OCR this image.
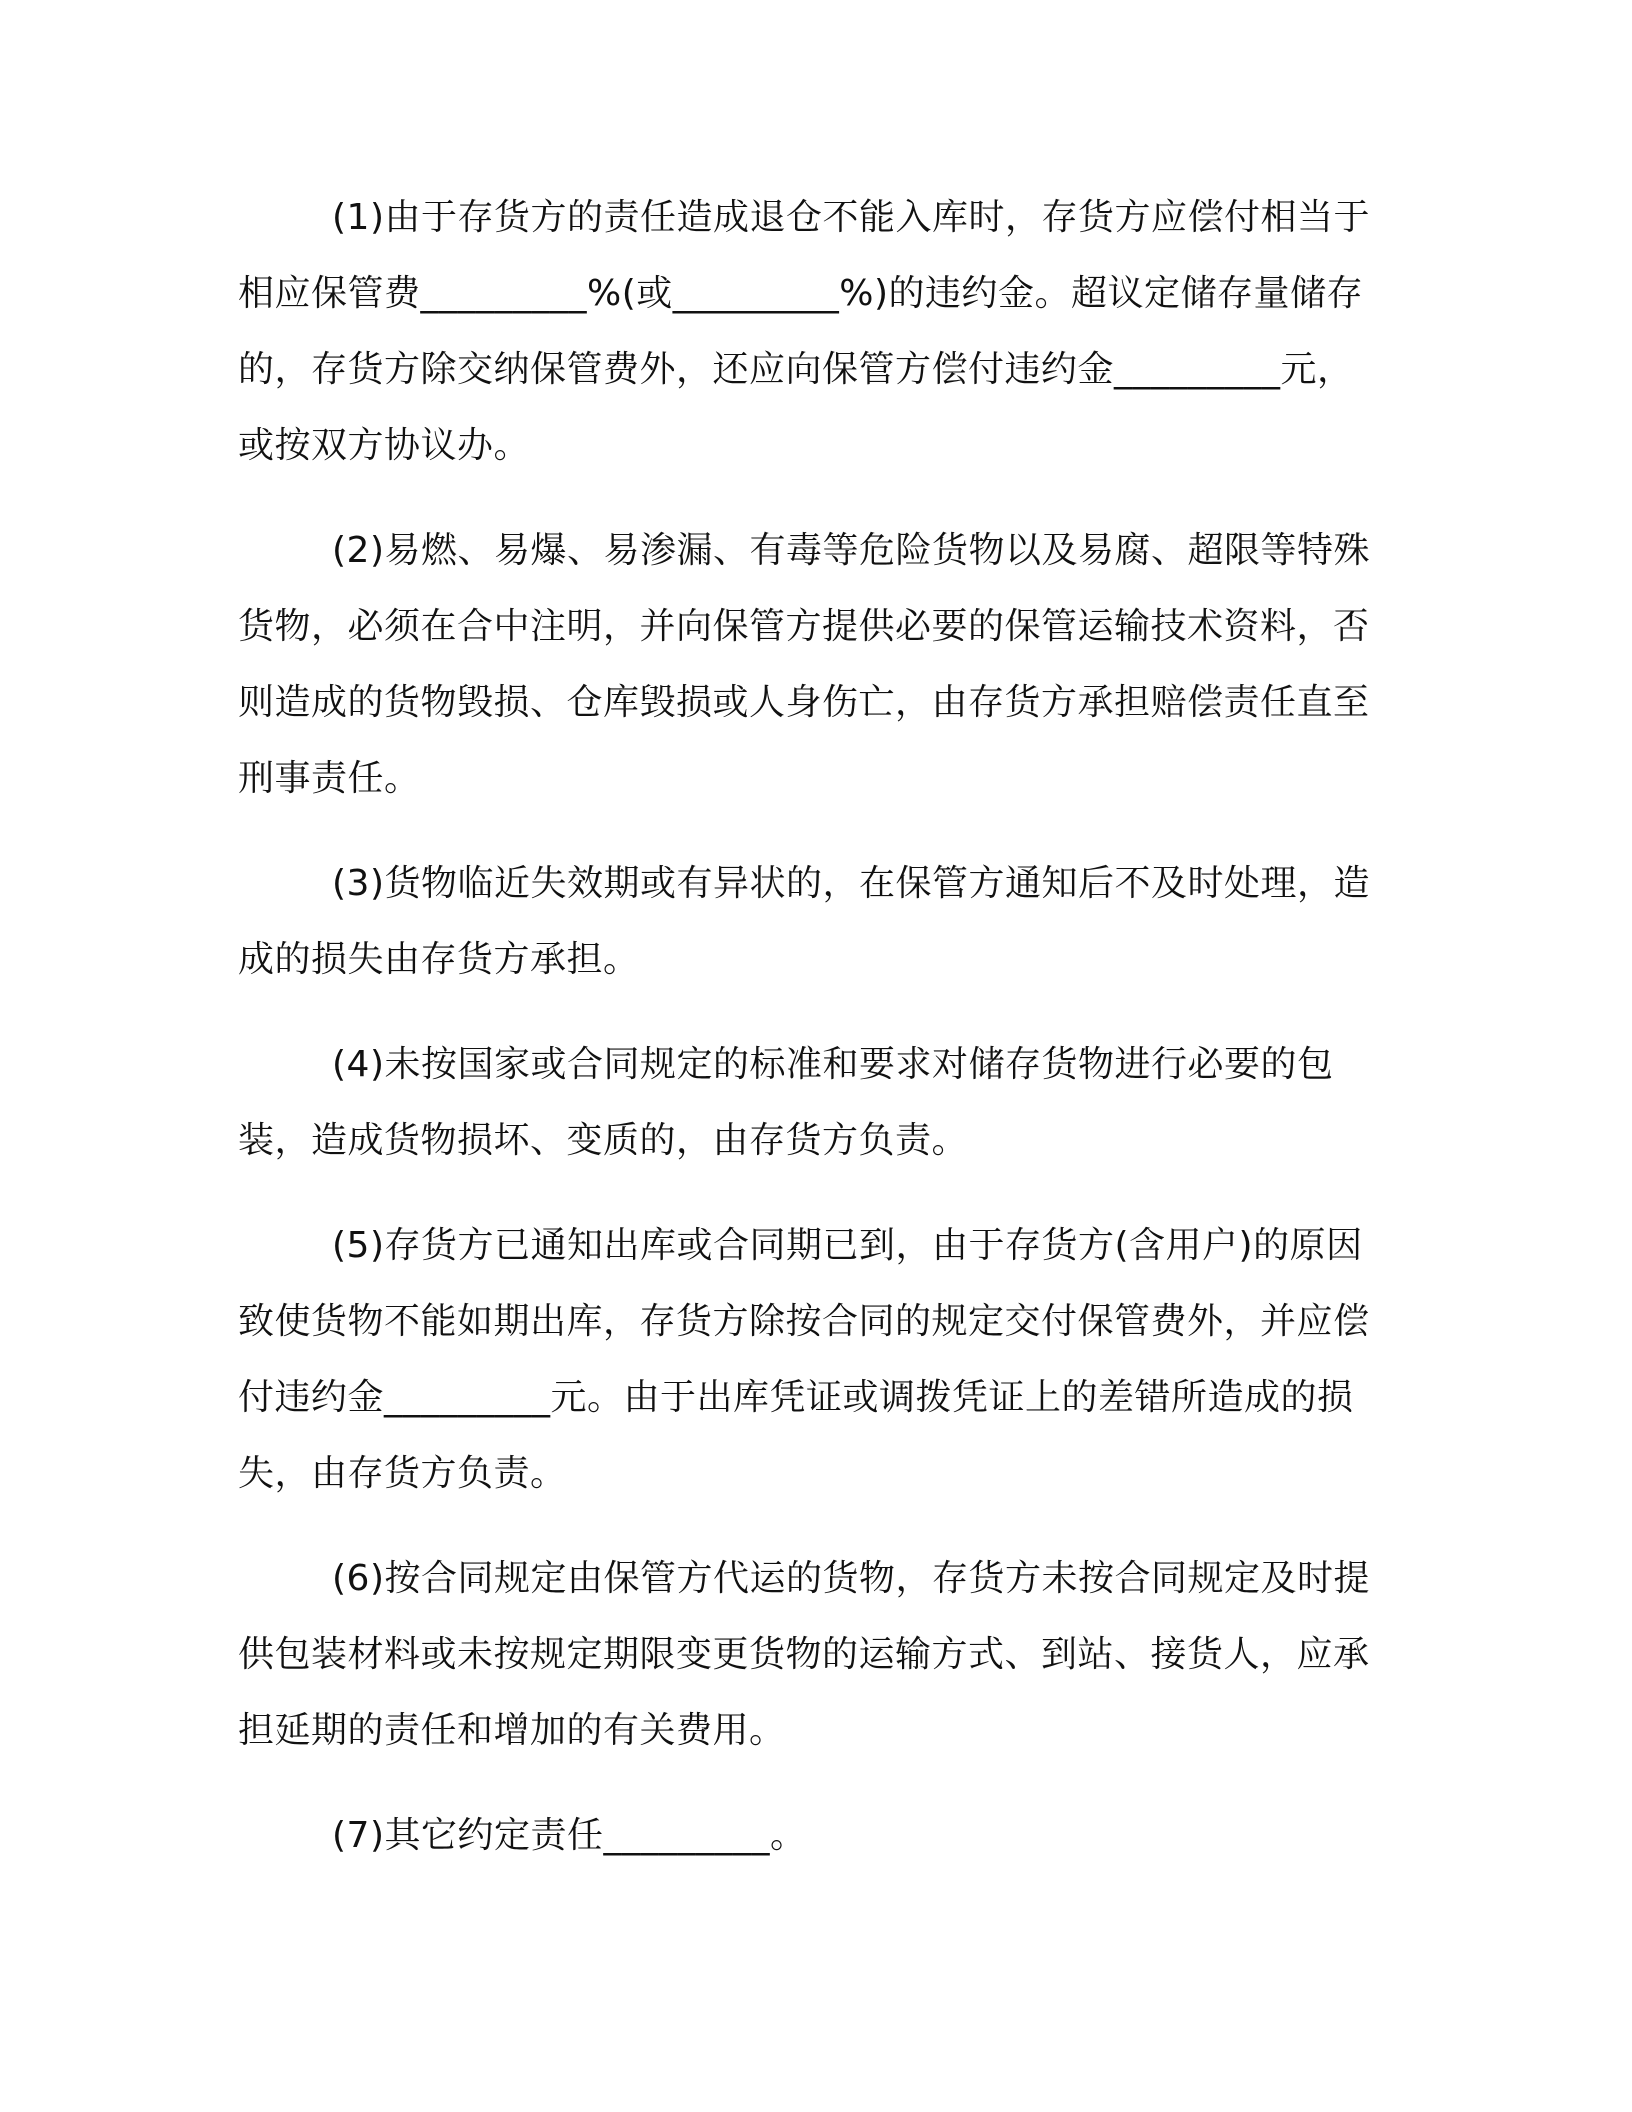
(1)由于存货方的责任造成退仓不能入库时，存货方应偿付相当于相应保管费_________%(或_________%)的违约金。超议定储存量储存的，存货方除交纳保管费外，还应向保管方偿付违约金_________元，或按双方协议办。

(2)易燃、易爆、易渗漏、有毒等危险货物以及易腐、超限等特殊货物，必须在合中注明，并向保管方提供必要的保管运输技术资料，否则造成的货物毁损、仓库毁损或人身伤亡，由存货方承担赔偿责任直至刑事责任。

(3)货物临近失效期或有异状的，在保管方通知后不及时处理，造成的损失由存货方承担。

(4)未按国家或合同规定的标准和要求对储存货物进行必要的包装，造成货物损坏、变质的，由存货方负责。

(5)存货方已通知出库或合同期已到，由于存货方(含用户)的原因致使货物不能如期出库，存货方除按合同的规定交付保管费外，并应偿付违约金_________元。由于出库凭证或调拨凭证上的差错所造成的损失，由存货方负责。

(6)按合同规定由保管方代运的货物，存货方未按合同规定及时提供包装材料或未按规定期限变更货物的运输方式、到站、接货人，应承担延期的责任和增加的有关费用。

(7)其它约定责任_________。
